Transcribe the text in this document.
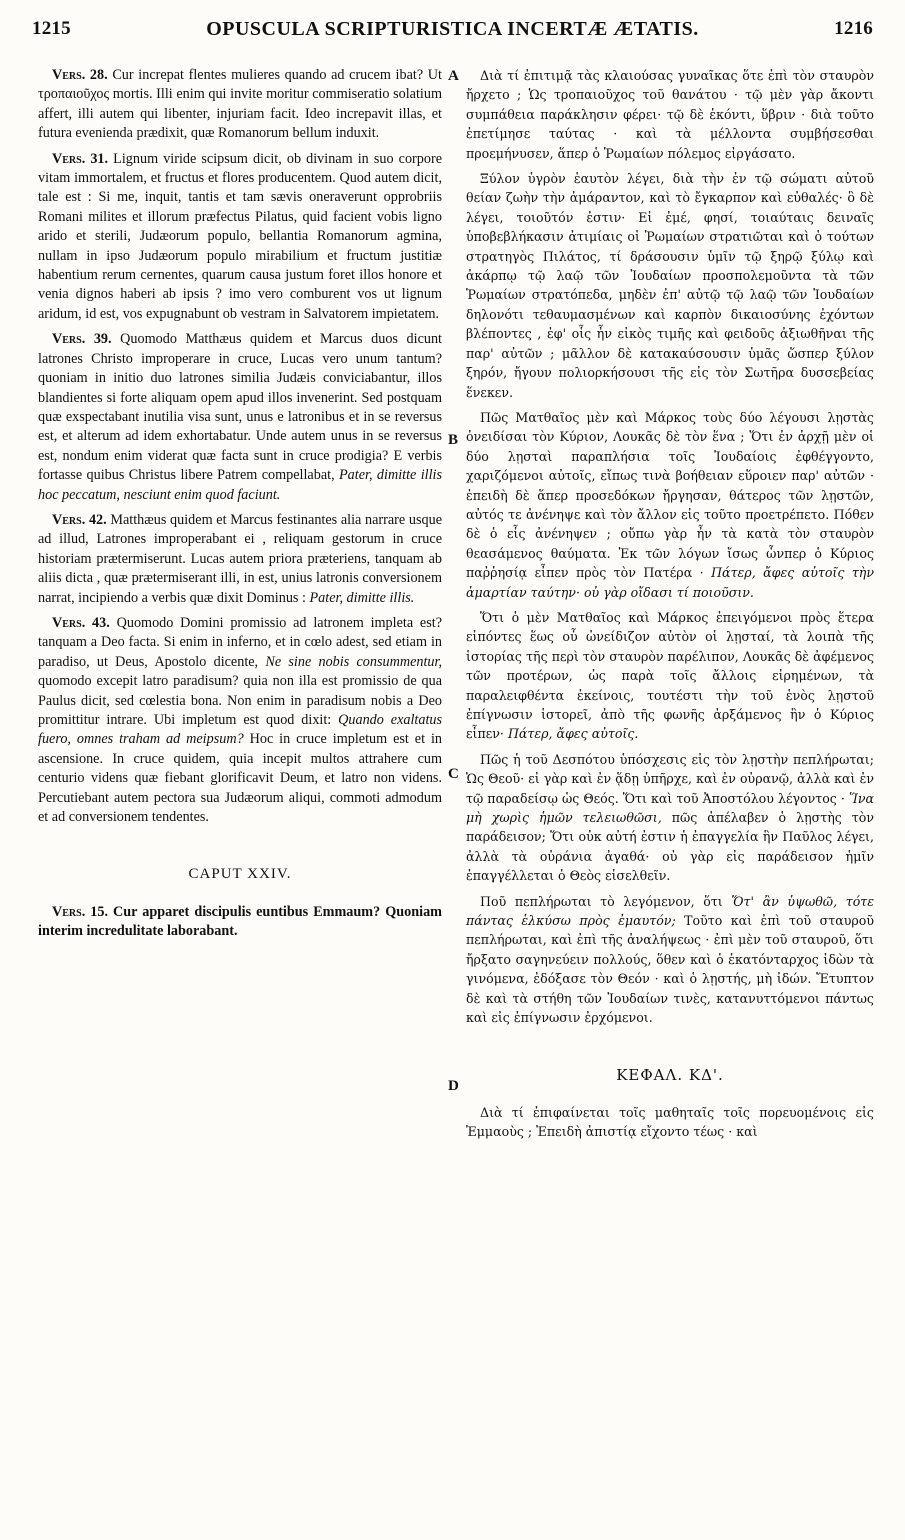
1215	OPUSCULA SCRIPTURISTICA INCERTÆ ÆTATIS.	1216
A
B
C
D

Vers. 28. Cur increpat flentes mulieres quando ad crucem ibat? Ut τροπαιοῦχος mortis. Illi enim qui invite moritur commiseratio solatium affert, illi autem qui libenter, injuriam facit. Ideo increpavit illas, et futura evenienda prædixit, quæ Romanorum bellum induxit.

Vers. 31. Lignum viride scipsum dicit, ob divinam in suo corpore vitam immortalem, et fructus et flores producentem. Quod autem dicit, tale est : Si me, inquit, tantis et tam sævis oneraverunt opprobriis Romani milites et illorum præfectus Pilatus, quid facient vobis ligno arido et sterili, Judæorum populo, bellantia Romanorum agmina, nullam in ipso Judæorum populo mirabilium et fructum justitiæ habentium rerum cernentes, quarum causa justum foret illos honore et venia dignos haberi ab ipsis ? imo vero comburent vos ut lignum aridum, id est, vos expugnabunt ob vestram in Salvatorem impietatem.

Vers. 39. Quomodo Matthæus quidem et Marcus duos dicunt latrones Christo improperare in cruce, Lucas vero unum tantum? quoniam in initio duo latrones similia Judæis conviciabantur, illos blandientes si forte aliquam opem apud illos invenerint. Sed postquam quæ exspectabant inutilia visa sunt, unus e latronibus et in se reversus est, et alterum ad idem exhortabatur. Unde autem unus in se reversus est, nondum enim viderat quæ facta sunt in cruce prodigia? E verbis fortasse quibus Christus libere Patrem compellabat, Pater, dimitte illis hoc peccatum, nesciunt enim quod faciunt.

Vers. 42. Matthæus quidem et Marcus festinantes alia narrare usque ad illud, Latrones improperabant ei , reliquam gestorum in cruce historiam prætermiserunt. Lucas autem priora præteriens, tanquam ab aliis dicta , quæ prætermiserant illi, in est, unius latronis conversionem narrat, incipiendo a verbis quæ dixit Dominus : Pater, dimitte illis.

Vers. 43. Quomodo Domini promissio ad latronem impleta est? tanquam a Deo facta. Si enim in inferno, et in cœlo adest, sed etiam in paradiso, ut Deus, Apostolo dicente, Ne sine nobis consummentur, quomodo excepit latro paradisum? quia non illa est promissio de qua Paulus dicit, sed cœlestia bona. Non enim in paradisum nobis a Deo promittitur intrare. Ubi impletum est quod dixit: Quando exaltatus fuero, omnes traham ad meipsum? Hoc in cruce impletum est et in ascensione. In cruce quidem, quia incepit multos attrahere cum centurio videns quæ fiebant glorificavit Deum, et latro non videns. Percutiebant autem pectora sua Judæorum aliqui, commoti admodum et ad conversionem tendentes.

CAPUT XXIV.

Vers. 15. Cur apparet discipulis euntibus Emmaum? Quoniam interim incredulitate laborabant.

Διὰ τί ἐπιτιμᾷ τὰς κλαιούσας γυναῖκας ὅτε ἐπὶ τὸν σταυρὸν ἤρχετο ; Ὡς τροπαιοῦχος τοῦ θανάτου · τῷ μὲν γὰρ ἄκοντι συμπάθεια παράκλησιν φέρει· τῷ δὲ ἑκόντι, ὕβριν · διὰ τοῦτο ἐπετίμησε ταύτας · καὶ τὰ μέλλοντα συμβήσεσθαι προεμήνυσεν, ἅπερ ὁ Ῥωμαίων πόλεμος εἰργάσατο.

Ξύλον ὑγρὸν ἑαυτὸν λέγει, διὰ τὴν ἐν τῷ σώματι αὐτοῦ θείαν ζωὴν τὴν ἀμάραντον, καὶ τὸ ἔγκαρπον καὶ εὐθαλές· ὃ δὲ λέγει, τοιοῦτόν ἐστιν· Εἰ ἐμέ, φησί, τοιαύταις δειναῖς ὑποβεβλήκασιν ἀτιμίαις οἱ Ῥωμαίων στρατιῶται καὶ ὁ τούτων στρατηγὸς Πιλάτος, τί δράσουσιν ὑμῖν τῷ ξηρῷ ξύλῳ καὶ ἀκάρπῳ τῷ λαῷ τῶν Ἰουδαίων προσπολεμοῦντα τὰ τῶν Ῥωμαίων στρατόπεδα, μηδὲν ἐπ' αὐτῷ τῷ λαῷ τῶν Ἰουδαίων δηλονότι τεθαυμασμένων καὶ καρπὸν δικαιοσύνης ἐχόντων βλέποντες , ἐφ' οἷς ἦν εἰκὸς τιμῆς καὶ φειδοῦς ἀξιωθῆναι τῆς παρ' αὐτῶν ; μᾶλλον δὲ κατακαύσουσιν ὑμᾶς ὥσπερ ξύλον ξηρόν, ἤγουν πολιορκήσουσι τῆς εἰς τὸν Σωτῆρα δυσσεβείας ἕνεκεν.

Πῶς Ματθαῖος μὲν καὶ Μάρκος τοὺς δύο λέγουσι λῃστὰς ὀνειδίσαι τὸν Κύριον, Λουκᾶς δὲ τὸν ἕνα ; Ὅτι ἐν ἀρχῇ μὲν οἱ δύο λῃσταὶ παραπλήσια τοῖς Ἰουδαίοις ἐφθέγγοντο, χαριζόμενοι αὐτοῖς, εἴπως τινὰ βοήθειαν εὕροιεν παρ' αὐτῶν · ἐπειδὴ δὲ ἅπερ προσεδόκων ἤργησαν, θάτερος τῶν λῃστῶν, αὐτός τε ἀνένηψε καὶ τὸν ἄλλον εἰς τοῦτο προετρέπετο. Πόθεν δὲ ὁ εἷς ἀνένηψεν ; οὔπω γὰρ ἦν τὰ κατὰ τὸν σταυρὸν θεασάμενος θαύματα. Ἐκ τῶν λόγων ἴσως ὧνπερ ὁ Κύριος παῤῥησίᾳ εἶπεν πρὸς τὸν Πατέρα · Πάτερ, ἄφες αὐτοῖς τὴν ἁμαρτίαν ταύτην· οὐ γὰρ οἴδασι τί ποιοῦσιν.

Ὅτι ὁ μὲν Ματθαῖος καὶ Μάρκος ἐπειγόμενοι πρὸς ἕτερα εἰπόντες ἕως οὗ ὠνείδιζον αὐτὸν οἱ λῃσταί, τὰ λοιπὰ τῆς ἱστορίας τῆς περὶ τὸν σταυρὸν παρέλιπον, Λουκᾶς δὲ ἀφέμενος τῶν προτέρων, ὡς παρὰ τοῖς ἄλλοις εἰρημένων, τὰ παραλειφθέντα ἐκείνοις, τουτέστι τὴν τοῦ ἑνὸς λῃστοῦ ἐπίγνωσιν ἱστορεῖ, ἀπὸ τῆς φωνῆς ἀρξάμενος ἣν ὁ Κύριος εἶπεν· Πάτερ, ἄφες αὐτοῖς.

Πῶς ἡ τοῦ Δεσπότου ὑπόσχεσις εἰς τὸν λῃστὴν πεπλήρωται; Ὡς Θεοῦ· εἰ γὰρ καὶ ἐν ᾅδῃ ὑπῆρχε, καὶ ἐν οὐρανῷ, ἀλλὰ καὶ ἐν τῷ παραδείσῳ ὡς Θεός. Ὅτι καὶ τοῦ Ἀποστόλου λέγοντος · Ἵνα μὴ χωρὶς ἡμῶν τελειωθῶσι, πῶς ἀπέλαβεν ὁ λῃστὴς τὸν παράδεισον; Ὅτι οὐκ αὐτή ἐστιν ἡ ἐπαγγελία ἣν Παῦλος λέγει, ἀλλὰ τὰ οὐράνια ἀγαθά· οὐ γὰρ εἰς παράδεισον ἡμῖν ἐπαγγέλλεται ὁ Θεὸς εἰσελθεῖν.

Ποῦ πεπλήρωται τὸ λεγόμενον, ὅτι Ὅτ' ἂν ὑψωθῶ, τότε πάντας ἑλκύσω πρὸς ἐμαυτόν; Τοῦτο καὶ ἐπὶ τοῦ σταυροῦ πεπλήρωται, καὶ ἐπὶ τῆς ἀναλήψεως · ἐπὶ μὲν τοῦ σταυροῦ, ὅτι ἤρξατο σαγηνεύειν πολλούς, ὅθεν καὶ ὁ ἑκατόνταρχος ἰδὼν τὰ γινόμενα, ἐδόξασε τὸν Θεόν · καὶ ὁ λῃστής, μὴ ἰδών. Ἔτυπτον δὲ καὶ τὰ στήθη τῶν Ἰουδαίων τινὲς, κατανυττόμενοι πάντως καὶ εἰς ἐπίγνωσιν ἐρχόμενοι.

ΚΕΦΑΛ. ΚΔ'.

Διὰ τί ἐπιφαίνεται τοῖς μαθηταῖς τοῖς πορευομένοις εἰς Ἐμμαοὺς ; Ἐπειδὴ ἀπιστίᾳ εἴχοντο τέως · καὶ
